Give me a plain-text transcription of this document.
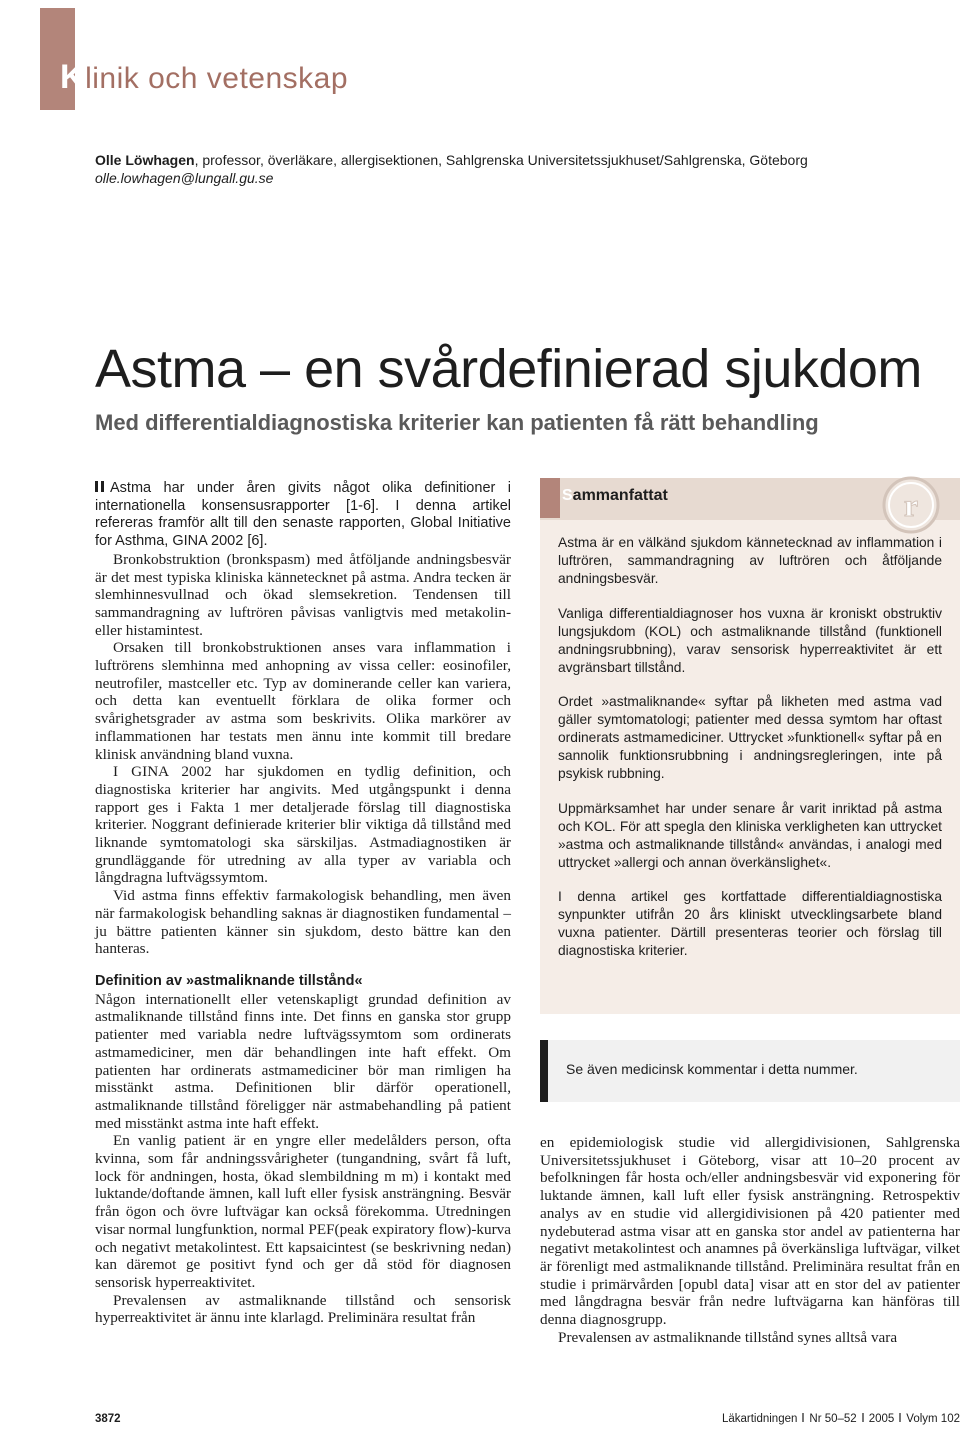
Klinik och vetenskap
Olle Löwhagen, professor, överläkare, allergisektionen, Sahlgrenska Universitetssjukhuset/Sahlgrenska, Göteborg
olle.lowhagen@lungall.gu.se
Astma – en svårdefinierad sjukdom
Med differentialdiagnostiska kriterier kan patienten få rätt behandling

Astma har under åren givits något olika definitioner i internationella konsensusrapporter [1-6]. I denna artikel refereras framför allt till den senaste rapporten, Global Initiative for Asthma, GINA 2002 [6].

Bronkobstruktion (bronkspasm) med åtföljande andningsbesvär är det mest typiska kliniska kännetecknet på astma. Andra tecken är slemhinnesvullnad och ökad slemsekretion. Tendensen till sammandragning av luftrören påvisas vanligtvis med metakolin- eller histamintest.

Orsaken till bronkobstruktionen anses vara inflammation i luftrörens slemhinna med anhopning av vissa celler: eosinofiler, neutrofiler, mastceller etc. Typ av dominerande celler kan variera, och detta kan eventuellt förklara de olika former och svårighetsgrader av astma som beskrivits. Olika markörer av inflammationen har testats men ännu inte kommit till bredare klinisk användning bland vuxna.

I GINA 2002 har sjukdomen en tydlig definition, och diagnostiska kriterier har angivits. Med utgångspunkt i denna rapport ges i Fakta 1 mer detaljerade förslag till diagnostiska kriterier. Noggrant definierade kriterier blir viktiga då tillstånd med liknande symtomatologi ska särskiljas. Astmadiagnostiken är grundläggande för utredning av alla typer av variabla och långdragna luftvägssymtom.

Vid astma finns effektiv farmakologisk behandling, men även när farmakologisk behandling saknas är diagnostiken fundamental – ju bättre patienten känner sin sjukdom, desto bättre kan den hanteras.

Definition av »astmaliknande tillstånd«

Någon internationellt eller vetenskapligt grundad definition av astmaliknande tillstånd finns inte. Det finns en ganska stor grupp patienter med variabla nedre luftvägssymtom som ordinerats astmamediciner, men där behandlingen inte haft effekt. Om patienten har ordinerats astmamediciner bör man rimligen ha misstänkt astma. Definitionen blir därför operationell, astmaliknande tillstånd föreligger när astmabehandling på patient med misstänkt astma inte haft effekt.

En vanlig patient är en yngre eller medelålders person, ofta kvinna, som får andningssvårigheter (tungandning, svårt få luft, lock för andningen, hosta, ökad slembildning m m) i kontakt med luktande/doftande ämnen, kall luft eller fysisk ansträngning. Besvär från ögon och övre luftvägar kan också förekomma. Utredningen visar normal lungfunktion, normal PEF(peak expiratory flow)-kurva och negativt metakolintest. Ett kapsaicintest (se beskrivning nedan) kan däremot ge positivt fynd och ger då stöd för diagnosen sensorisk hyperreaktivitet.

Prevalensen av astmaliknande tillstånd och sensorisk hyperreaktivitet är ännu inte klarlagd. Preliminära resultat från

Sammanfattat	r

Astma är en välkänd sjukdom kännetecknad av inflammation i luftrören, sammandragning av luftrören och åtföljande andningsbesvär.

Vanliga differentialdiagnoser hos vuxna är kroniskt obstruktiv lungsjukdom (KOL) och astmaliknande tillstånd (funktionell andningsrubbning), varav sensorisk hyperreaktivitet är ett avgränsbart tillstånd.

Ordet »astmaliknande« syftar på likheten med astma vad gäller symtomatologi; patienter med dessa symtom har oftast ordinerats astmamediciner. Uttrycket »funktionell« syftar på en sannolik funktionsrubbning i andningsregleringen, inte på psykisk rubbning.

Uppmärksamhet har under senare år varit inriktad på astma och KOL. För att spegla den kliniska verkligheten kan uttrycket »astma och astmaliknande tillstånd« användas, i analogi med uttrycket »allergi och annan överkänslighet«.

I denna artikel ges kortfattade differentialdiagnostiska synpunkter utifrån 20 års kliniskt utvecklingsarbete bland vuxna patienter. Därtill presenteras teorier och förslag till diagnostiska kriterier.

Se även medicinsk kommentar i detta nummer.

en epidemiologisk studie vid allergidivisionen, Sahlgrenska Universitetssjukhuset i Göteborg, visar att 10–20 procent av befolkningen får hosta och/eller andningsbesvär vid exponering för luktande ämnen, kall luft eller fysisk ansträngning. Retrospektiv analys av en studie vid allergidivisionen på 420 patienter med nydebuterad astma visar att en ganska stor andel av patienterna har negativt metakolintest och anamnes på överkänsliga luftvägar, vilket är förenligt med astmaliknande tillstånd. Preliminära resultat från en studie i primärvården [opubl data] visar att en stor del av patienter med långdragna besvär från nedre luftvägarna kan hänföras till denna diagnosgrupp.

Prevalensen av astmaliknande tillstånd synes alltså vara

3872	Läkartidningen Nr 50–52 2005 Volym 102
